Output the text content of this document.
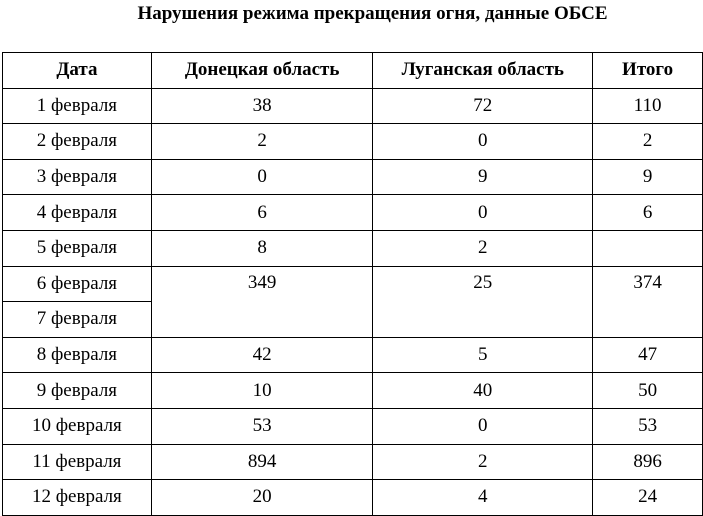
Нарушения режима прекращения огня, данные ОБСЕ
Дата	Донецкая область	Луганская область	Итого
1 февраля	38	72	110
2 февраля	2	0	2
3 февраля	0	9	9
4 февраля	6	0	6
5 февраля	8	2	
6 февраля	349	25	374
7 февраля			
8 февраля	42	5	47
9 февраля	10	40	50
10 февраля	53	0	53
11 февраля	894	2	896
12 февраля	20	4	24
